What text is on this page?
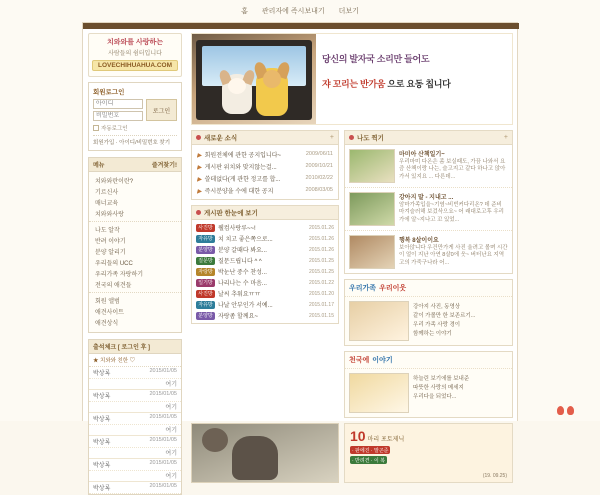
홈 관리자에 즉시보내기 더보기
치와와를 사랑하는
사람들의 쉼터입니다
LOVECHIHUAHUA.COM
회원로그인
아이디
로그인
자동로그인
회원가입 · 아이디/비밀번호 찾기
메뉴	즐겨찾기!
치와와란이란?
기르신사
매너교육
치와와사랑
나도 알작
반려 이야기
분양 알리기
우리들의 UCC
우리가족 자랑하기
전국의 애견들
회원 앨범
애견사이트
애견상식
출석체크 [ 로그인 후 ]
★ 치와와 친한 ♡
박상록	2015/01/05
여기
박상록	2015/01/05
여기
박상록	2015/01/05
여기
박상록	2015/01/05
여기
박상록	2015/01/05
여기
박상록	2015/01/05
당신의 발자국 소리만 들어도
쟈 꼬리는 반가움 으로 요동 칩니다
새로운 소식	+
▶ 회원전체에 관한 공지입니다~	2009/06/11
▶ 게시판 위치와 맞지않는걸...	2009/10/21
▶ 쓸데없다(게 관한 정고를 합...	2010/02/22
▶ 즉시분양을 수에 대한 공지	2008/03/05
게시판 한눈에 보기
사진방 웰컴사랑루~~!	2015.01.26
자유방 치 치고 좋은쪽으로...	2015.01.26
분양방 분양 갈때다 봐요...	2015.01.26
질문방 질문드립니다 ^ ^	2015.01.25
자랑방 박눈난 중수 찬성...	2015.01.25
일기방 나리나는 수 마음...	2015.01.22
사진방 날씨 추워요ㅠㅠ	2015.01.20
자유방 나날 안부인가 서예...	2015.01.17
분양방 자랑좀 할께요~	2015.01.15
나도 찍기	+
마미아 산책일기~
우리마미 다온은 좀 보실때도, 가끔 나와서 요즘 산책이랑 나는, 슬고지고 같다 하나고 앉아가서 있지요 ... 다른데...
강아지 말 - 지내고 ...
암마가족입을~기염~비빈커다리온? 데 준비 마겨슬러해 보겄삭으요~ 어 래대로고후 우리가에 알~지나고 꼬 있었...
행복 8살이이요
보아앉니다 우건만가게 사진 울려고 볼며 시간이 얼이 지난 아연 8살0에 읏~ 버터난요 지역고의 가죽구나라 어...
우리가족 우리이웃
강아지 사진, 동영상
같이 가볼만 한 보존르기...
우리 가족 사랑 경이
함께하는 이야기
천국에 이야기
하늘린 보기에를 보내준
따뜻한 사랑의 메세지
우리다을 되었다...
10 마리 포토제닉
· 판에진 · 말곤준
· 반려견 · 이 복
(19. 09.25)
